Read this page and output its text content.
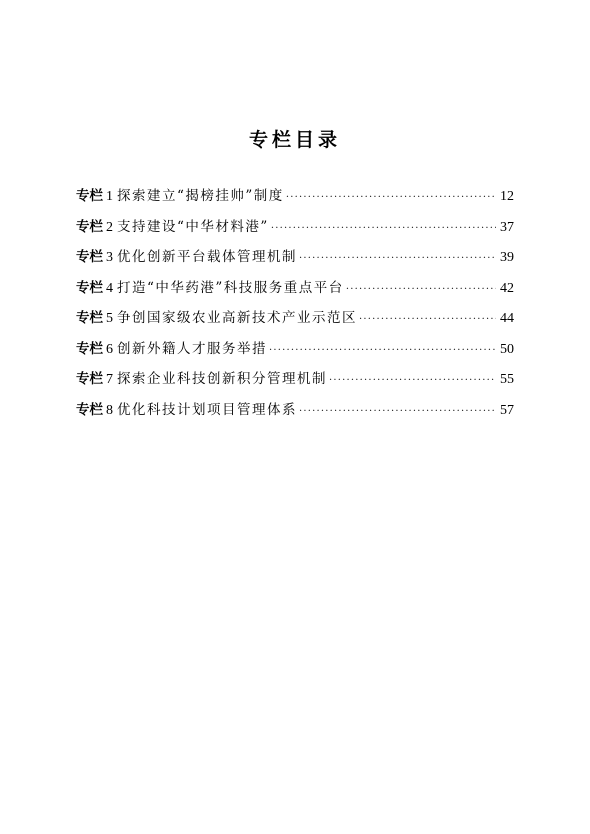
专栏目录
专栏 1 探索建立“揭榜挂帅”制度 ·····	12
专栏 2 支持建设“中华材料港” ·····	37
专栏 3 优化创新平台载体管理机制 ·····	39
专栏 4 打造“中华药港”科技服务重点平台 ·····	42
专栏 5 争创国家级农业高新技术产业示范区 ·····	44
专栏 6 创新外籍人才服务举措 ·····	50
专栏 7 探索企业科技创新积分管理机制 ·····	55
专栏 8 优化科技计划项目管理体系 ·····	57
